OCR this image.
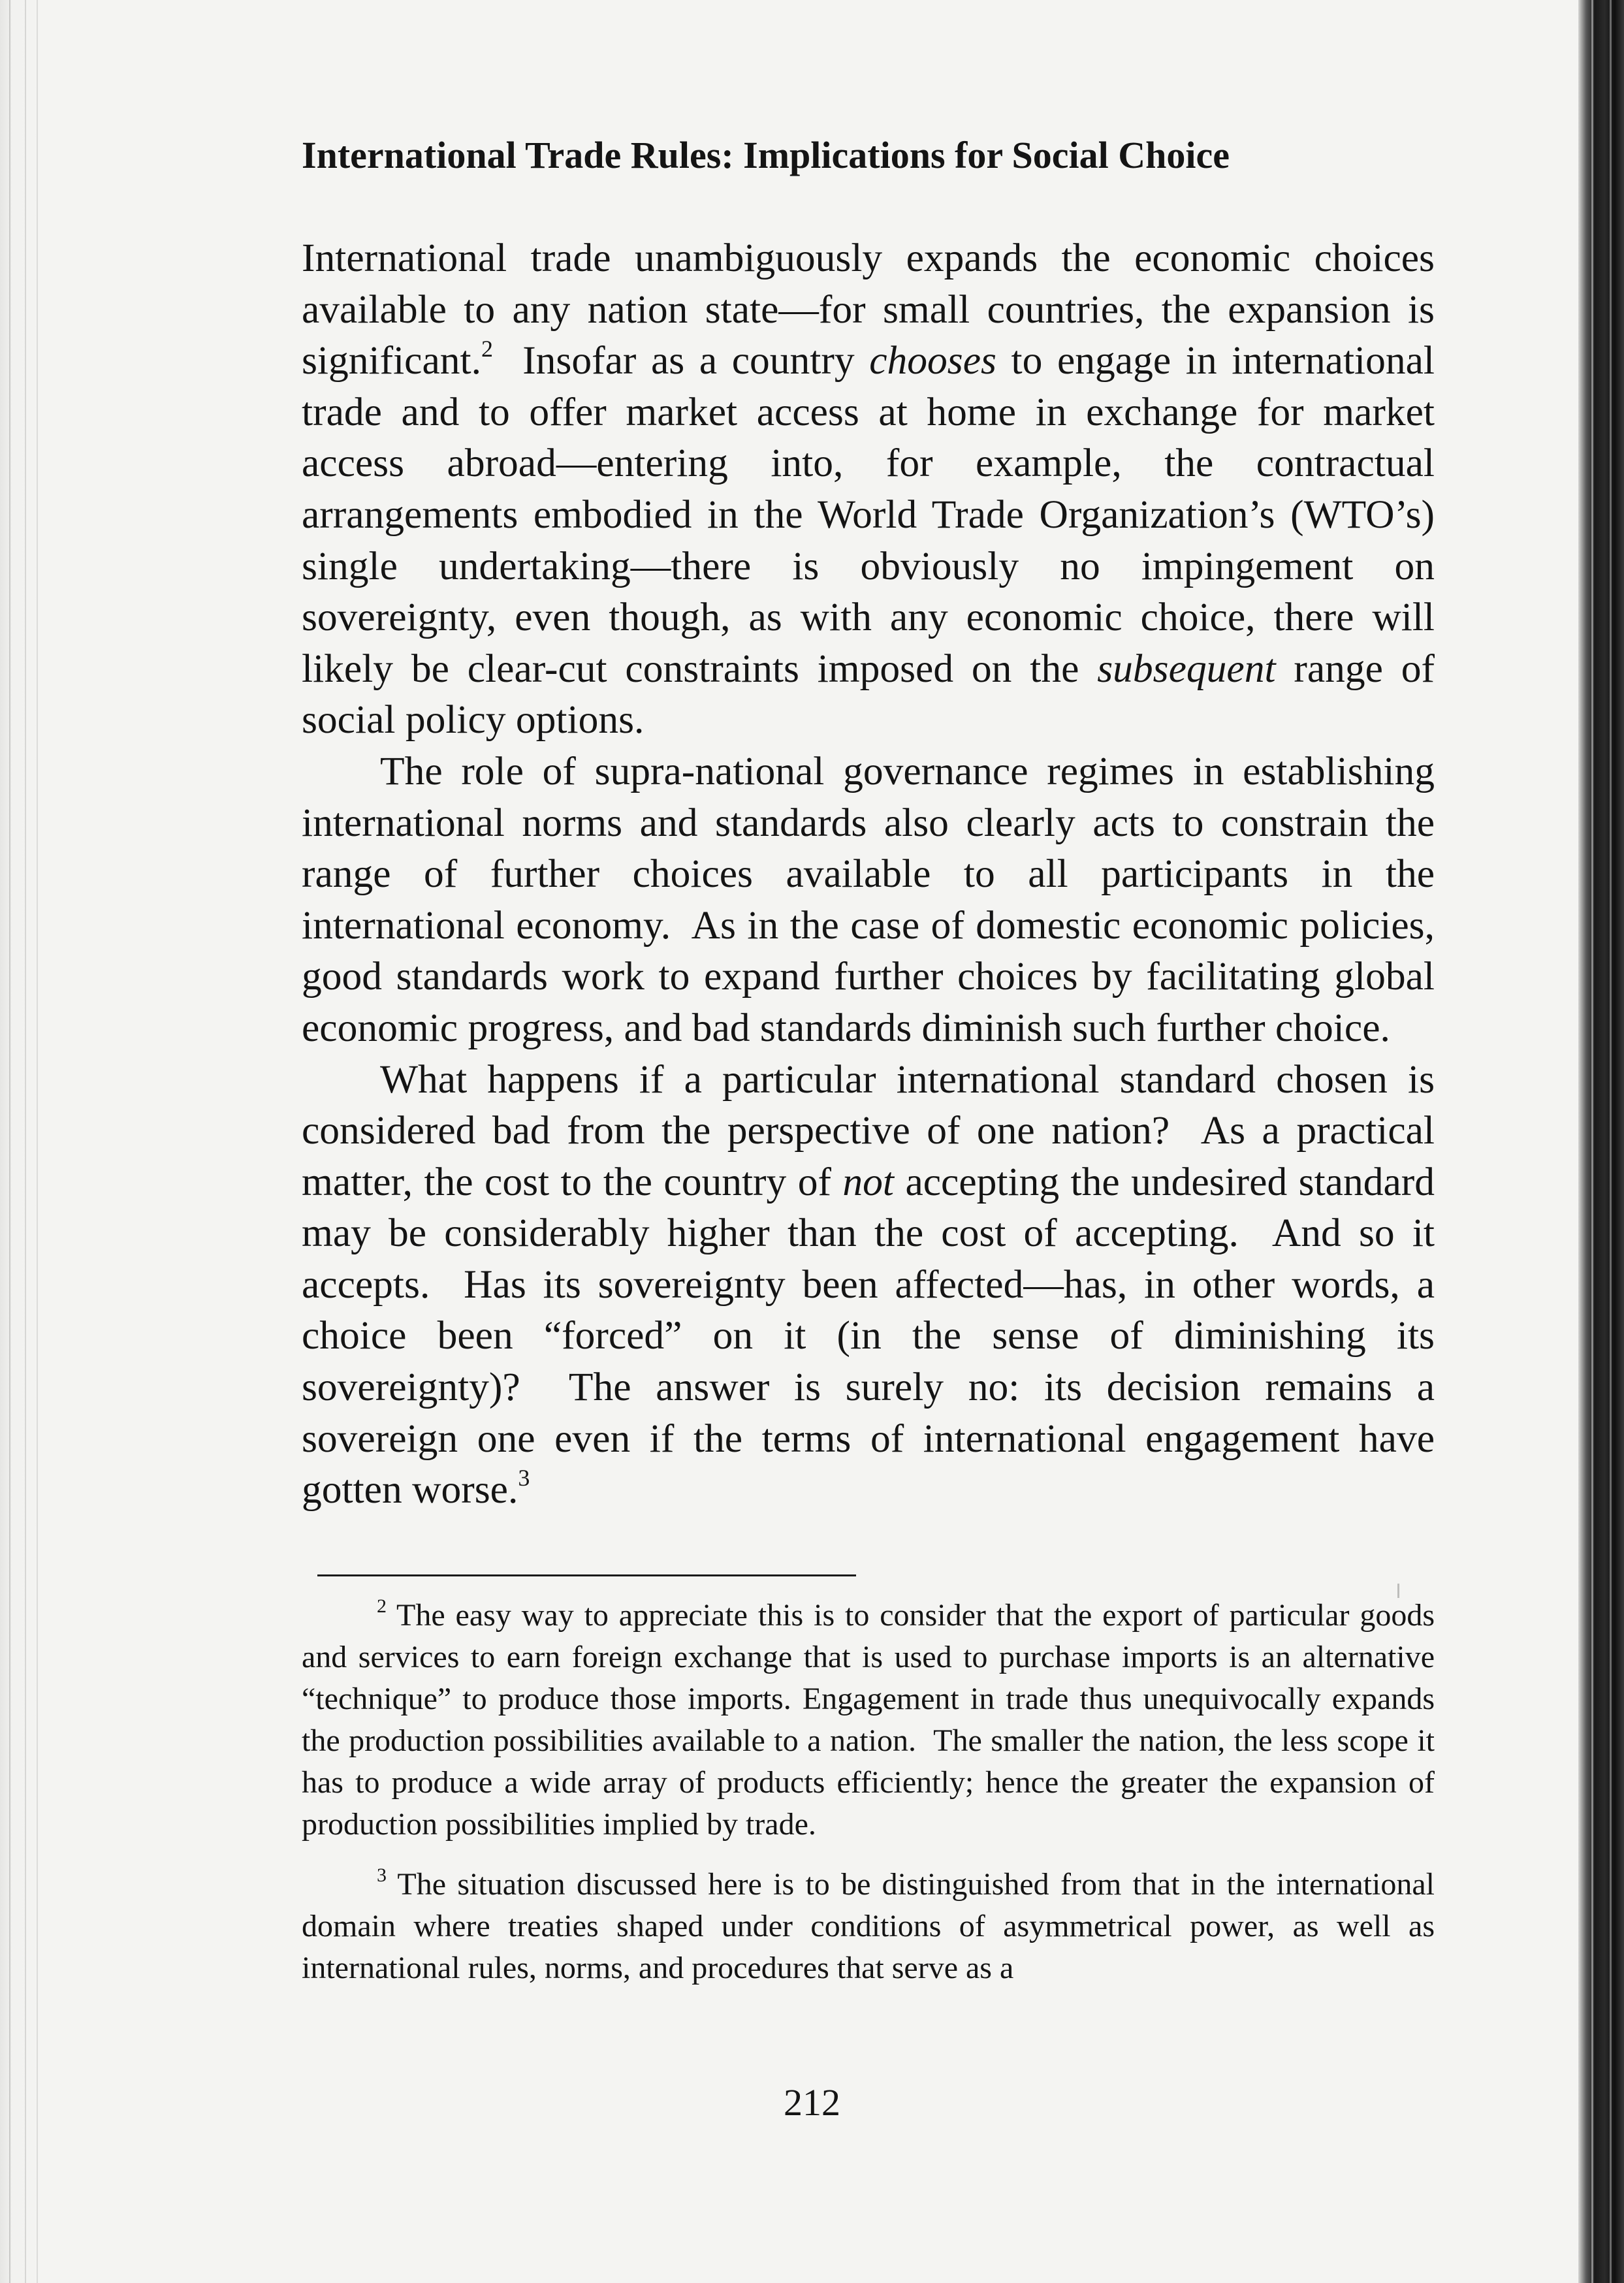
International Trade Rules: Implications for Social Choice

International trade unambiguously expands the economic choices available to any nation state—for small countries, the expansion is significant.$^2$  Insofar as a country chooses to engage in international trade and to offer market access at home in exchange for market access abroad—entering into, for example, the contractual arrangements embodied in the World Trade Organization’s (WTO’s) single undertaking—there is obviously no impingement on sovereignty, even though, as with any economic choice, there will likely be clear-cut constraints imposed on the subsequent range of social policy options.

The role of supra-national governance regimes in establishing international norms and standards also clearly acts to constrain the range of further choices available to all participants in the international economy.  As in the case of domestic economic policies, good standards work to expand further choices by facilitating global economic progress, and bad standards diminish such further choice.

What happens if a particular international standard chosen is considered bad from the perspective of one nation?  As a practical matter, the cost to the country of not accepting the undesired standard may be considerably higher than the cost of accepting.  And so it accepts.  Has its sovereignty been affected—has, in other words, a choice been “forced” on it (in the sense of diminishing its sovereignty)?  The answer is surely no: its decision remains a sovereign one even if the terms of international engagement have gotten worse.$^3$

$^2$ The easy way to appreciate this is to consider that the export of particular goods and services to earn foreign exchange that is used to purchase imports is an alternative “technique” to produce those imports. Engagement in trade thus unequivocally expands the production possibilities available to a nation.  The smaller the nation, the less scope it has to produce a wide array of products efficiently; hence the greater the expansion of production possibilities implied by trade.

$^3$ The situation discussed here is to be distinguished from that in the international domain where treaties shaped under conditions of asymmetrical power, as well as international rules, norms, and procedures that serve as a

212
